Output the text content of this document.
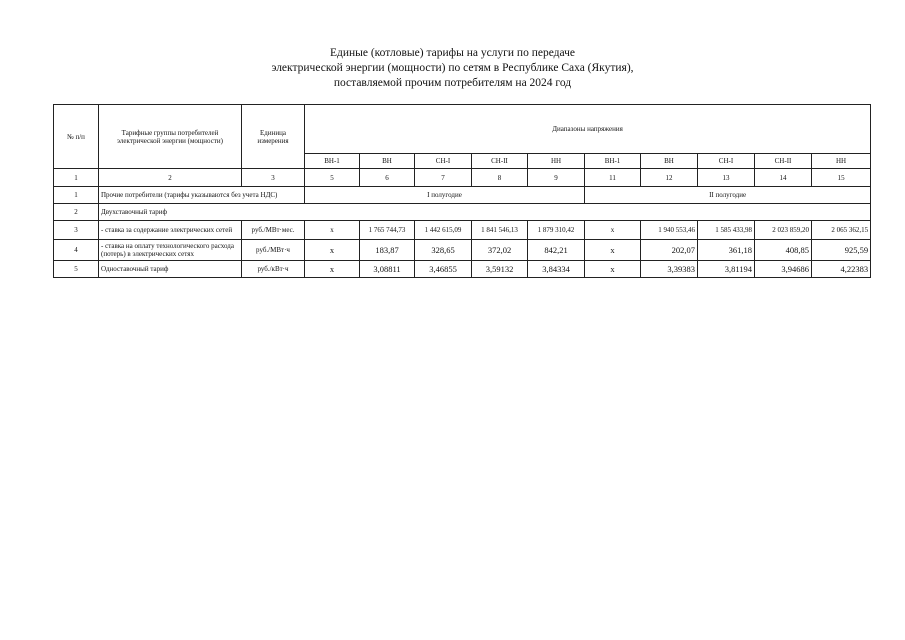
Единые (котловые) тарифы на услуги по передаче
электрической энергии (мощности) по сетям в Республике Саха (Якутия),
поставляемой прочим потребителям на 2024 год
№ п/п	Тарифные группы потребителей электрической энергии (мощности)	Единица измерения	Диапазоны напряжения									
			ВН-1	ВН	СН-I	СН-II	НН	ВН-1	ВН	СН-I	СН-II	НН
1	2	3	5	6	7	8	9	11	12	13	14	15
1	Прочие потребители (тарифы указываются без учета НДС)		I полугодие					II полугодие				
2	Двухставочный тариф											
3	- ставка за содержание электрических сетей	руб./МВт·мес.	х	1 765 744,73	1 442 615,09	1 841 546,13	1 879 310,42	х	1 940 553,46	1 585 433,98	2 023 859,20	2 065 362,15
4	- ставка на оплату технологического расхода (потерь) в электрических сетях	руб./МВт·ч	х	183,87	328,65	372,02	842,21	х	202,07	361,18	408,85	925,59
5	Одноставочный тариф	руб./кВт·ч	х	3,08811	3,46855	3,59132	3,84334	х	3,39383	3,81194	3,94686	4,22383
